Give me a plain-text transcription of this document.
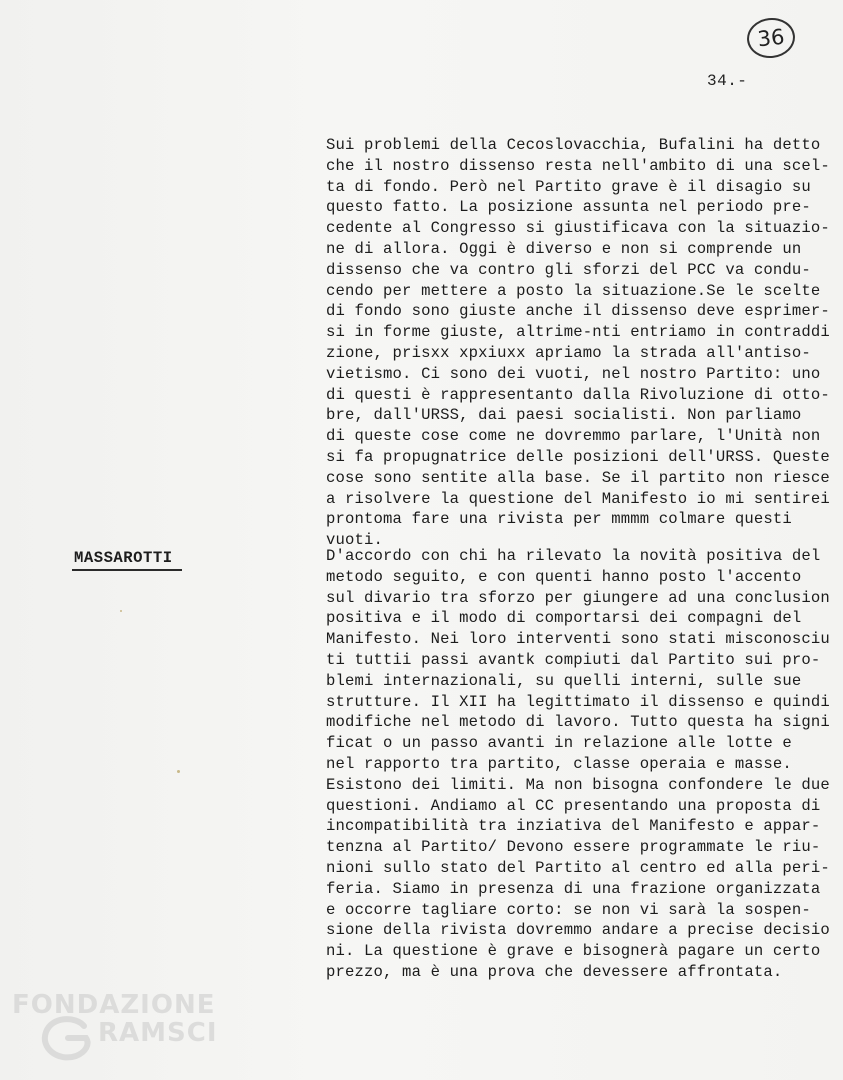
36
34.-
Sui problemi della Cecoslovacchia, Bufalini ha detto
che il nostro dissenso resta nell'ambito di una scel-
ta di fondo. Però nel Partito grave è il disagio su
questo fatto. La posizione assunta nel periodo pre-
cedente al Congresso si giustificava con la situazio-
ne di allora. Oggi è diverso e non si comprende un
dissenso che va contro gli sforzi del PCC va condu-
cendo per mettere a posto la situazione.Se le scelte
di fondo sono giuste anche il dissenso deve esprimer-
si in forme giuste, altrime-nti entriamo in contraddi
zione, prisxx xpxiuxx apriamo la strada all'antiso-
vietismo. Ci sono dei vuoti, nel nostro Partito: uno
di questi è rappresentanto dalla Rivoluzione di otto-
bre, dall'URSS, dai paesi socialisti. Non parliamo
di queste cose come ne dovremmo parlare, l'Unità non
si fa propugnatrice delle posizioni dell'URSS. Queste
cose sono sentite alla base. Se il partito non riesce
a risolvere la questione del Manifesto io mi sentirei
prontoma fare una rivista per mmmm colmare questi
vuoti.
MASSAROTTI	D'accordo con chi ha rilevato la novità positiva del
metodo seguito, e con quenti hanno posto l'accento
sul divario tra sforzo per giungere ad una conclusion
positiva e il modo di comportarsi dei compagni del
Manifesto. Nei loro interventi sono stati misconosciu
ti tuttii passi avantk compiuti dal Partito sui pro-
blemi internazionali, su quelli interni, sulle sue
strutture. Il XII ha legittimato il dissenso e quindi
modifiche nel metodo di lavoro. Tutto questa ha signi
ficat o un passo avanti in relazione alle lotte e
nel rapporto tra partito, classe operaia e masse.
Esistono dei limiti. Ma non bisogna confondere le due
questioni. Andiamo al CC presentando una proposta di
incompatibilità tra inziativa del Manifesto e appar-
tenzna al Partito/ Devono essere programmate le riu-
nioni sullo stato del Partito al centro ed alla peri-
feria. Siamo in presenza di una frazione organizzata
e occorre tagliare corto: se non vi sarà la sospen-
sione della rivista dovremmo andare a precise decisio
ni. La questione è grave e bisognerà pagare un certo
prezzo, ma è una prova che devessere affrontata.
FONDAZIONE
RAMSCI
